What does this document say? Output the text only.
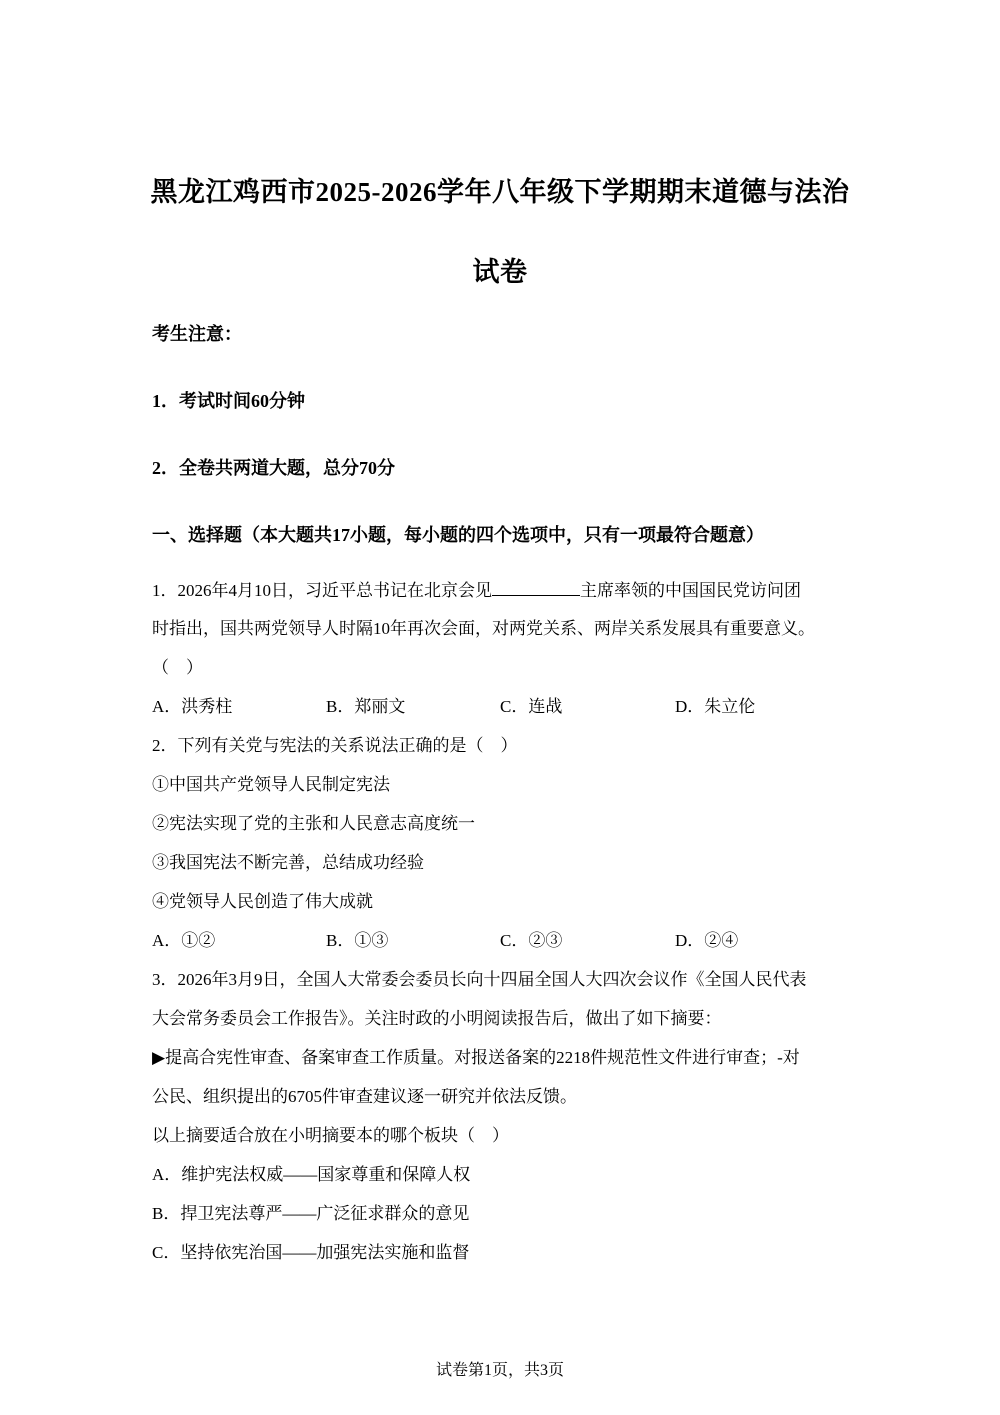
黑龙江鸡西市2025-2026学年八年级下学期期末道德与法治
试卷
考生注意：
1．考试时间60分钟
2．全卷共两道大题，总分70分
一、选择题（本大题共17小题，每小题的四个选项中，只有一项最符合题意）
1．2026年4月10日，习近平总书记在北京会见	主席率领的中国国民党访问团
时指出，国共两党领导人时隔10年再次会面，对两党关系、两岸关系发展具有重要意义。
（　）
A．洪秀柱	B．郑丽文	C．连战	D．朱立伦
2．下列有关党与宪法的关系说法正确的是（　）
①中国共产党领导人民制定宪法
②宪法实现了党的主张和人民意志高度统一
③我国宪法不断完善，总结成功经验
④党领导人民创造了伟大成就
A．①②	B．①③	C．②③	D．②④
3．2026年3月9日，全国人大常委会委员长向十四届全国人大四次会议作《全国人民代表
大会常务委员会工作报告》。关注时政的小明阅读报告后，做出了如下摘要：
▶提高合宪性审查、备案审查工作质量。对报送备案的2218件规范性文件进行审查；-对
公民、组织提出的6705件审查建议逐一研究并依法反馈。
以上摘要适合放在小明摘要本的哪个板块（　）
A．维护宪法权威——国家尊重和保障人权
B．捍卫宪法尊严——广泛征求群众的意见
C．坚持依宪治国——加强宪法实施和监督
试卷第1页，共3页
